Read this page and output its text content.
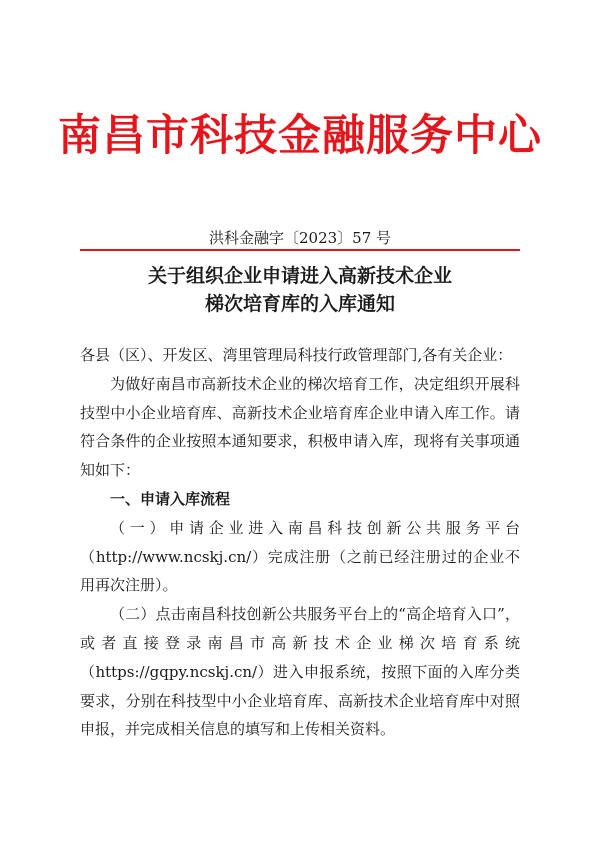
南昌市科技金融服务中心
洪科金融字〔2023〕57 号
关于组织企业申请进入高新技术企业
梯次培育库的入库通知

各县（区）、开发区、湾里管理局科技行政管理部门,各有关企业：

为做好南昌市高新技术企业的梯次培育工作，决定组织开展科技型中小企业培育库、高新技术企业培育库企业申请入库工作。请符合条件的企业按照本通知要求，积极申请入库，现将有关事项通知如下：

一、申请入库流程

（一）申请企业进入南昌科技创新公共服务平台（http://www.ncskj.cn/）完成注册（之前已经注册过的企业不用再次注册）。

（二）点击南昌科技创新公共服务平台上的“高企培育入口”，或者直接登录南昌市高新技术企业梯次培育系统（https://gqpy.ncskj.cn/）进入申报系统，按照下面的入库分类要求，分别在科技型中小企业培育库、高新技术企业培育库中对照申报，并完成相关信息的填写和上传相关资料。
